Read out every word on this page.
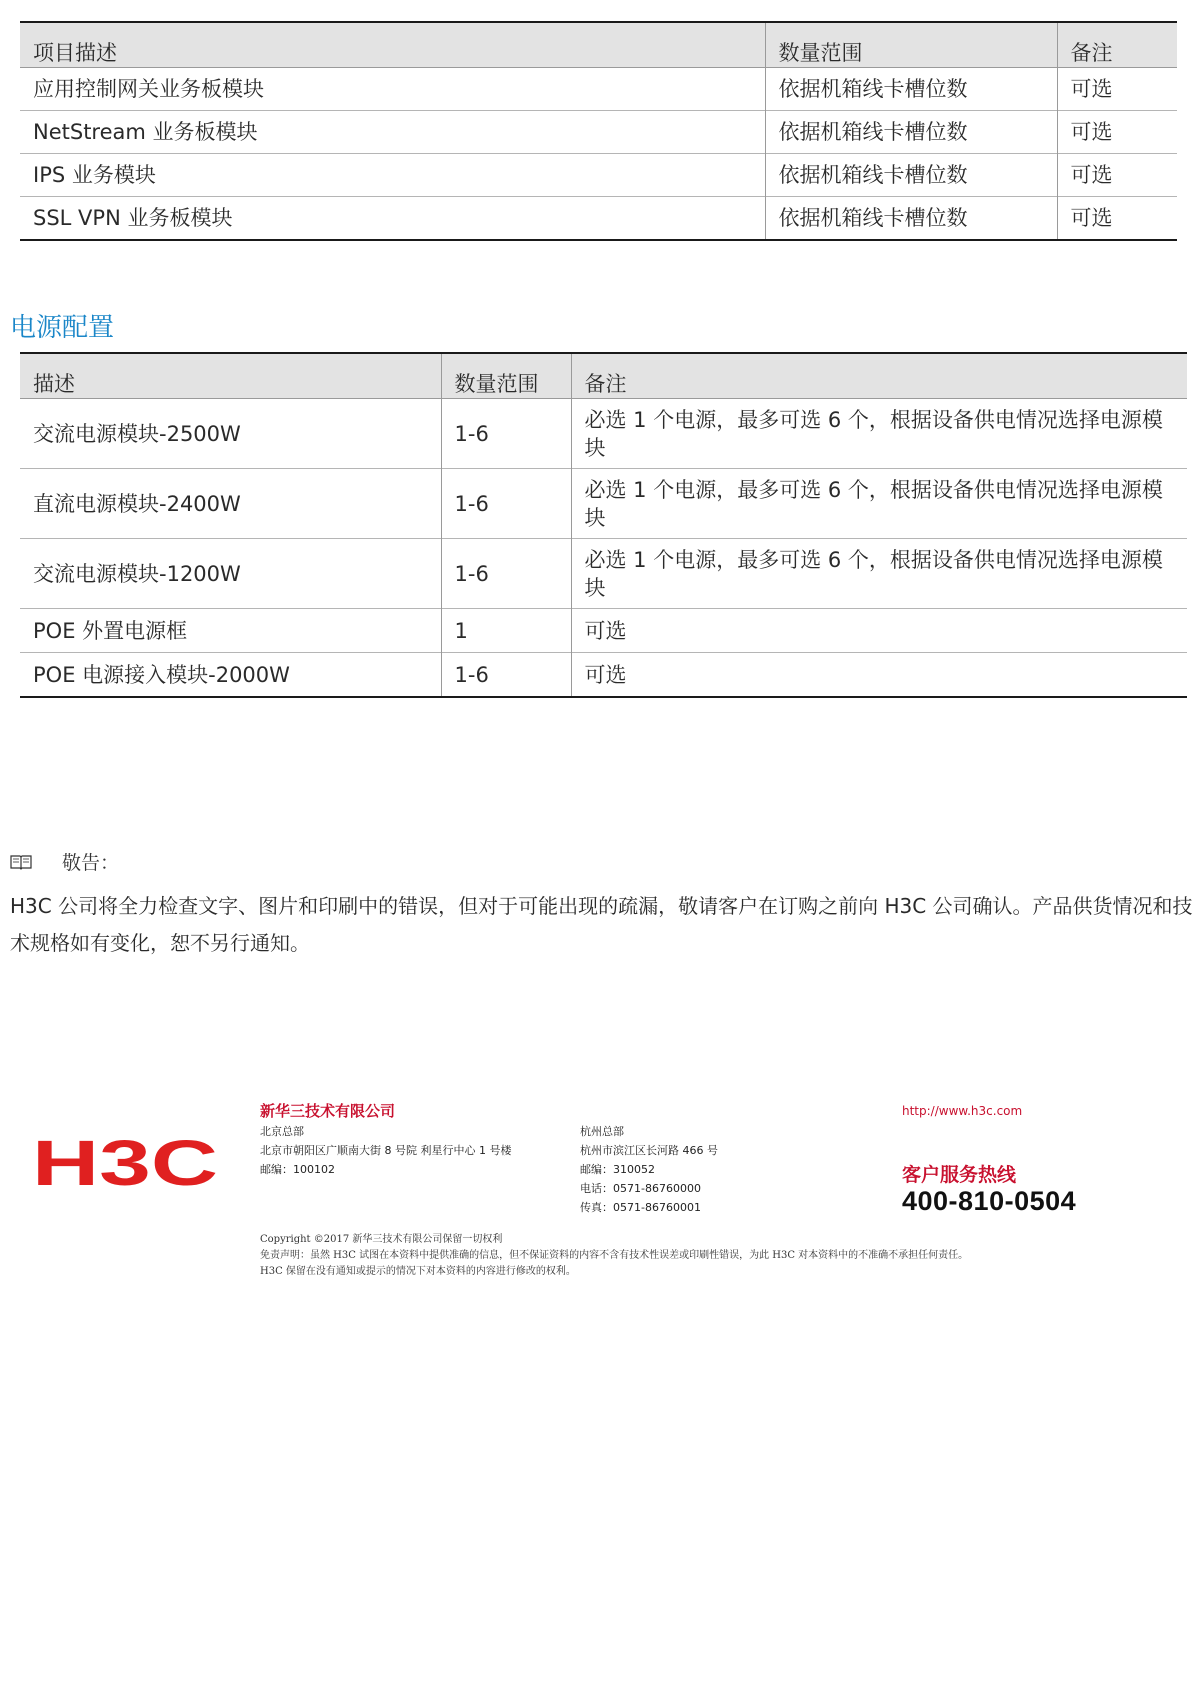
项目描述	数量范围	备注
应用控制网关业务板模块	依据机箱线卡槽位数	可选
NetStream 业务板模块	依据机箱线卡槽位数	可选
IPS 业务模块	依据机箱线卡槽位数	可选
SSL VPN 业务板模块	依据机箱线卡槽位数	可选
电源配置
描述	数量范围	备注
交流电源模块-2500W	1-6	必选 1 个电源，最多可选 6 个，根据设备供电情况选择电源模块
直流电源模块-2400W	1-6	必选 1 个电源，最多可选 6 个，根据设备供电情况选择电源模块
交流电源模块-1200W	1-6	必选 1 个电源，最多可选 6 个，根据设备供电情况选择电源模块
POE 外置电源框	1	可选
POE 电源接入模块-2000W	1-6	可选
敬告：
H3C 公司将全力检查文字、图片和印刷中的错误，但对于可能出现的疏漏，敬请客户在订购之前向 H3C 公司确认。产品供货情况和技术规格如有变化，恕不另行通知。
H3C
新华三技术有限公司
北京总部
北京市朝阳区广顺南大街 8 号院 利星行中心 1 号楼
邮编：100102
杭州总部
杭州市滨江区长河路 466 号
邮编：310052
电话：0571-86760000
传真：0571-86760001
http://www.h3c.com
客户服务热线
400-810-0504
Copyright ©2017 新华三技术有限公司保留一切权利
免责声明：虽然 H3C 试图在本资料中提供准确的信息，但不保证资料的内容不含有技术性误差或印刷性错误，为此 H3C 对本资料中的不准确不承担任何责任。
H3C 保留在没有通知或提示的情况下对本资料的内容进行修改的权利。
